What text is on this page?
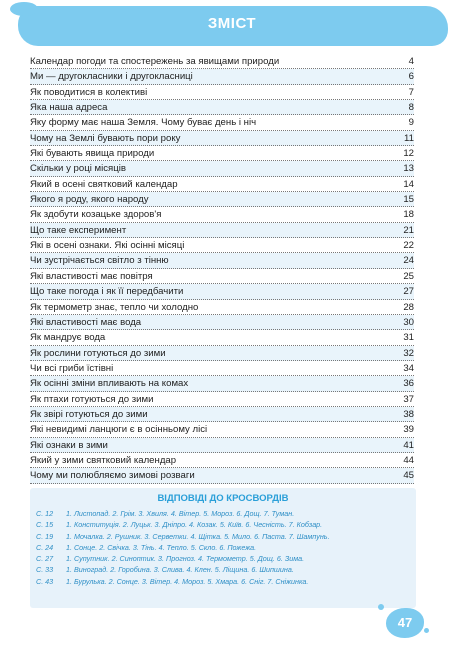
ЗМІСТ
Календар погоди та спостережень за явищами природи	4
Ми — другокласники і другокласниці	6
Як поводитися в колективі	7
Яка наша адреса	8
Яку форму має наша Земля. Чому буває день і ніч	9
Чому на Землі бувають пори року	11
Які бувають явища природи	12
Скільки у році місяців	13
Який в осені святковий календар	14
Якого я роду, якого народу	15
Як здобути козацьке здоров'я	18
Що таке експеримент	21
Які в осені ознаки. Які осінні місяці	22
Чи зустрічається світло з тінню	24
Які властивості має повітря	25
Що таке погода і як її передбачити	27
Як термометр знає, тепло чи холодно	28
Які властивості має вода	30
Як мандрує вода	31
Як рослини готуються до зими	32
Чи всі гриби їстівні	34
Як осінні зміни впливають на комах	36
Як птахи готуються до зими	37
Як звірі готуються до зими	38
Які невидимі ланцюги є в осінньому лісі	39
Які ознаки в зими	41
Який у зими святковий календар	44
Чому ми полюбляємо зимові розваги	45
ВІДПОВІДІ ДО КРОСВОРДІВ
С. 12 1. Листопад. 2. Грім. 3. Хвиля. 4. Вітер. 5. Мороз. 6. Дощ. 7. Туман.
С. 15 1. Конституція. 2. Луцьк. 3. Дніпро. 4. Козак. 5. Київ. 6. Чесність. 7. Кобзар.
С. 19 1. Мочалка. 2. Рушник. 3. Серветки. 4. Щітка. 5. Мило. 6. Паста. 7. Шампунь.
С. 24 1. Сонце. 2. Свічка. 3. Тінь. 4. Тепло. 5. Скло. 6. Пожежа.
С. 27 1. Супутник. 2. Синоптик. 3. Прогноз. 4. Термометр. 5. Дощ. 6. Зима.
С. 33 1. Виноград. 2. Горобина. 3. Слива. 4. Клен. 5. Ліщина. 6. Шипшина.
С. 43 1. Бурулька. 2. Сонце. 3. Вітер. 4. Мороз. 5. Хмара. 6. Сніг. 7. Сніжинка.
47
